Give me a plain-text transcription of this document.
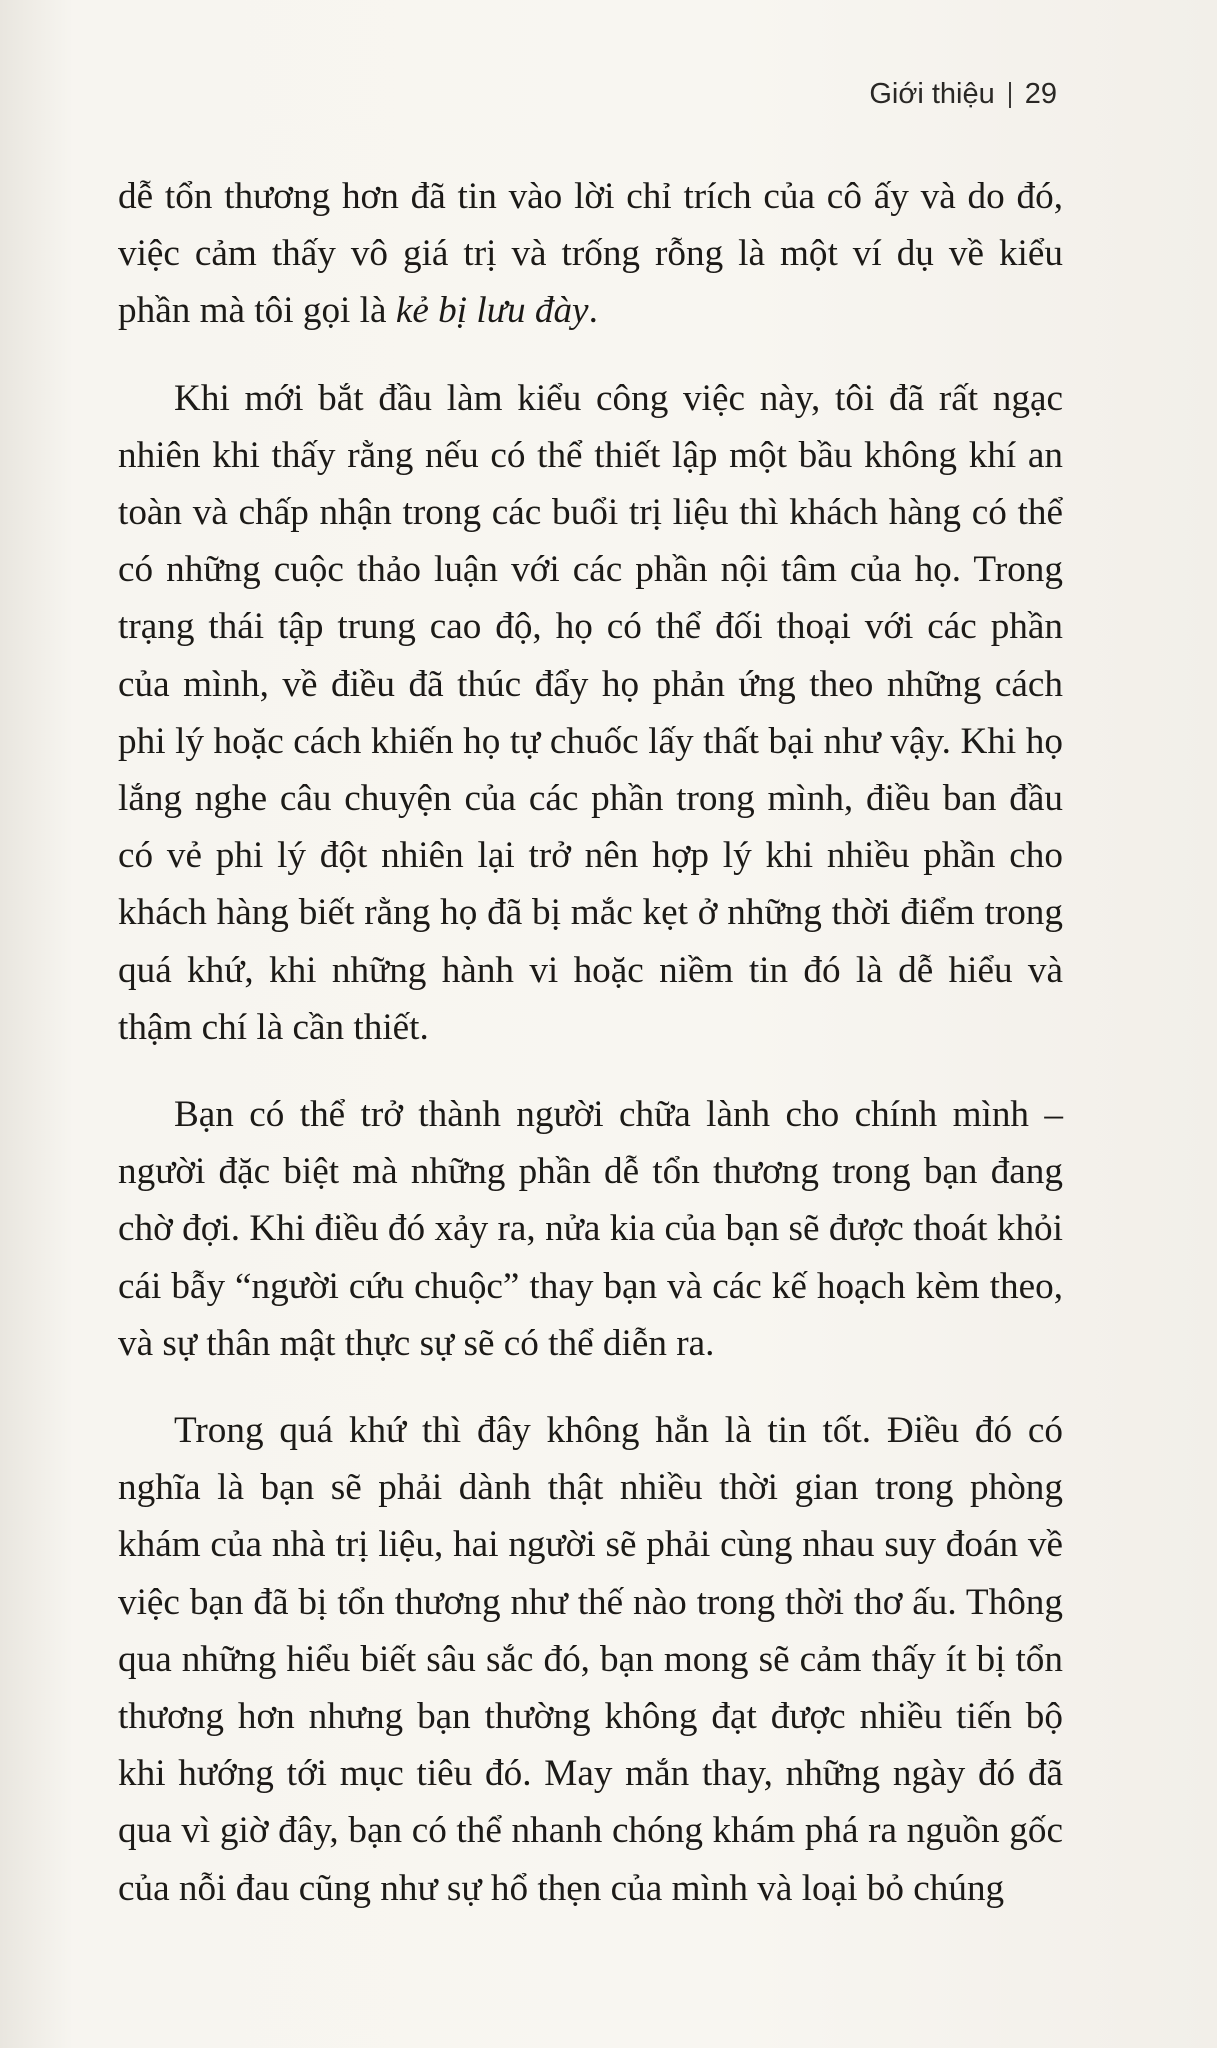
Giới thiệu 29

dễ tổn thương hơn đã tin vào lời chỉ trích của cô ấy và do đó, việc cảm thấy vô giá trị và trống rỗng là một ví dụ về kiểu phần mà tôi gọi là kẻ bị lưu đày.

Khi mới bắt đầu làm kiểu công việc này, tôi đã rất ngạc nhiên khi thấy rằng nếu có thể thiết lập một bầu không khí an toàn và chấp nhận trong các buổi trị liệu thì khách hàng có thể có những cuộc thảo luận với các phần nội tâm của họ. Trong trạng thái tập trung cao độ, họ có thể đối thoại với các phần của mình, về điều đã thúc đẩy họ phản ứng theo những cách phi lý hoặc cách khiến họ tự chuốc lấy thất bại như vậy. Khi họ lắng nghe câu chuyện của các phần trong mình, điều ban đầu có vẻ phi lý đột nhiên lại trở nên hợp lý khi nhiều phần cho khách hàng biết rằng họ đã bị mắc kẹt ở những thời điểm trong quá khứ, khi những hành vi hoặc niềm tin đó là dễ hiểu và thậm chí là cần thiết.

Bạn có thể trở thành người chữa lành cho chính mình – người đặc biệt mà những phần dễ tổn thương trong bạn đang chờ đợi. Khi điều đó xảy ra, nửa kia của bạn sẽ được thoát khỏi cái bẫy “người cứu chuộc” thay bạn và các kế hoạch kèm theo, và sự thân mật thực sự sẽ có thể diễn ra.

Trong quá khứ thì đây không hẳn là tin tốt. Điều đó có nghĩa là bạn sẽ phải dành thật nhiều thời gian trong phòng khám của nhà trị liệu, hai người sẽ phải cùng nhau suy đoán về việc bạn đã bị tổn thương như thế nào trong thời thơ ấu. Thông qua những hiểu biết sâu sắc đó, bạn mong sẽ cảm thấy ít bị tổn thương hơn nhưng bạn thường không đạt được nhiều tiến bộ khi hướng tới mục tiêu đó. May mắn thay, những ngày đó đã qua vì giờ đây, bạn có thể nhanh chóng khám phá ra nguồn gốc của nỗi đau cũng như sự hổ thẹn của mình và loại bỏ chúng
